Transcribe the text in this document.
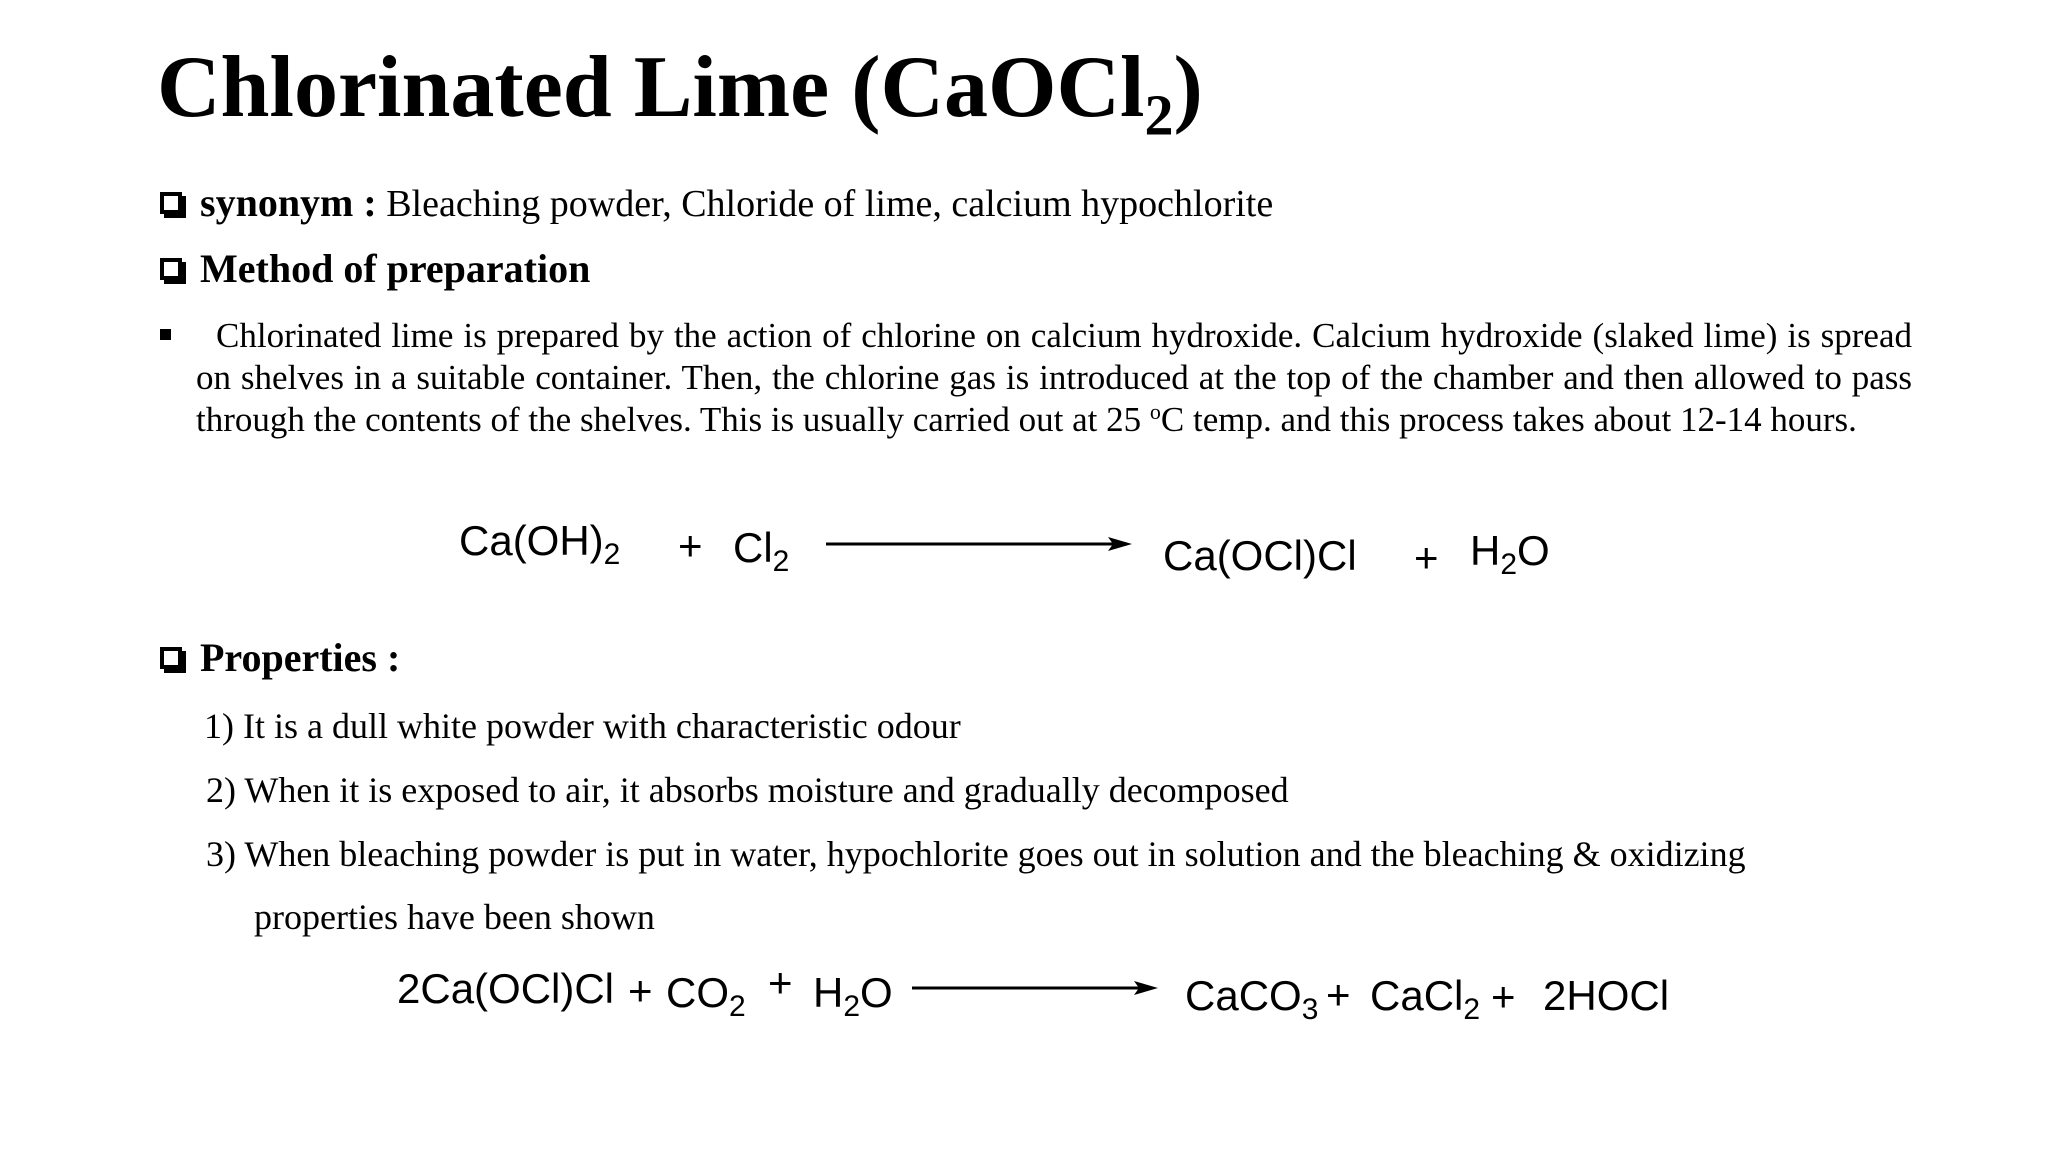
Chlorinated Lime (CaOCl$_2$)
synonym : Bleaching powder, Chloride of lime, calcium hypochlorite
Method of preparation
Chlorinated lime is prepared by the action of chlorine on calcium hydroxide. Calcium hydroxide (slaked lime) is spread on shelves in a suitable container. Then, the chlorine gas is introduced at the top of the chamber and then allowed to pass through the contents of the shelves. This is usually carried out at 25 $^o$C temp. and this process takes about 12-14 hours.
$Ca(OH)_2 + Cl_2$	$Ca(OCl)Cl + H_2O$
Properties :
1) It is a dull white powder with characteristic odour
2) When it is exposed to air, it absorbs moisture and gradually decomposed
3) When bleaching powder is put in water, hypochlorite goes out in solution and the bleaching & oxidizing
properties have been shown
$2Ca(OCl)Cl + CO_2$
+ $H_2O$	CaCO$_3$ + CaCl$_2$ + 2HOCl
